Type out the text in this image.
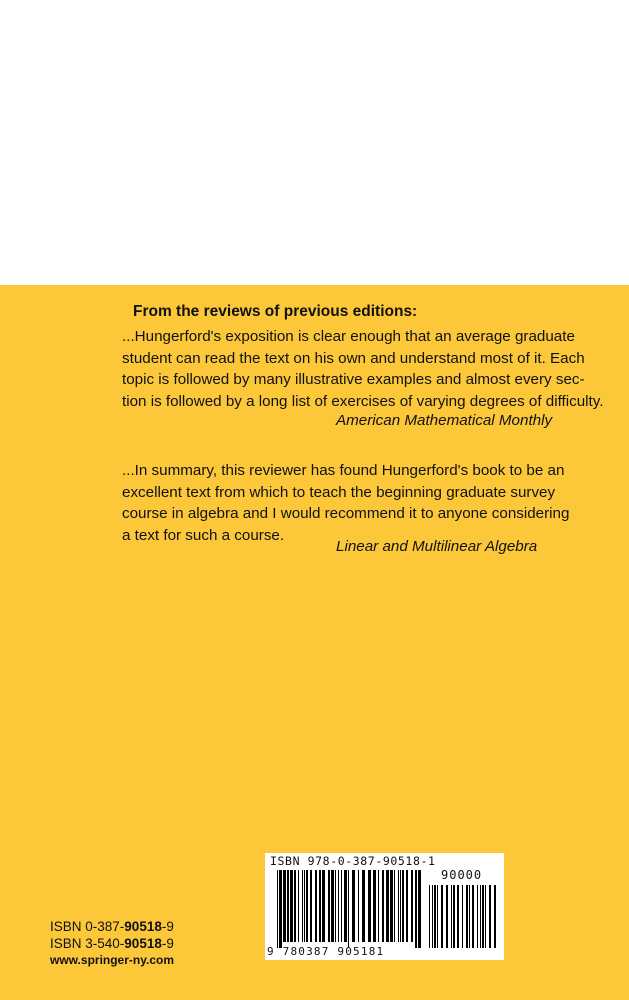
From the reviews of previous editions:

...Hungerford's exposition is clear enough that an average graduate

student can read the text on his own and understand most of it. Each

topic is followed by many illustrative examples and almost every sec-

tion is followed by a long list of exercises of varying degrees of difficulty.

American Mathematical Monthly

...In summary, this reviewer has found Hungerford's book to be an

excellent text from which to teach the beginning graduate survey

course in algebra and I would recommend it to anyone considering

a text for such a course.

Linear and Multilinear Algebra
ISBN 0-387-90518-9
ISBN 3-540-90518-9
www.springer-ny.com
ISBN 978-0-387-90518-1
90000
9 780387 905181
